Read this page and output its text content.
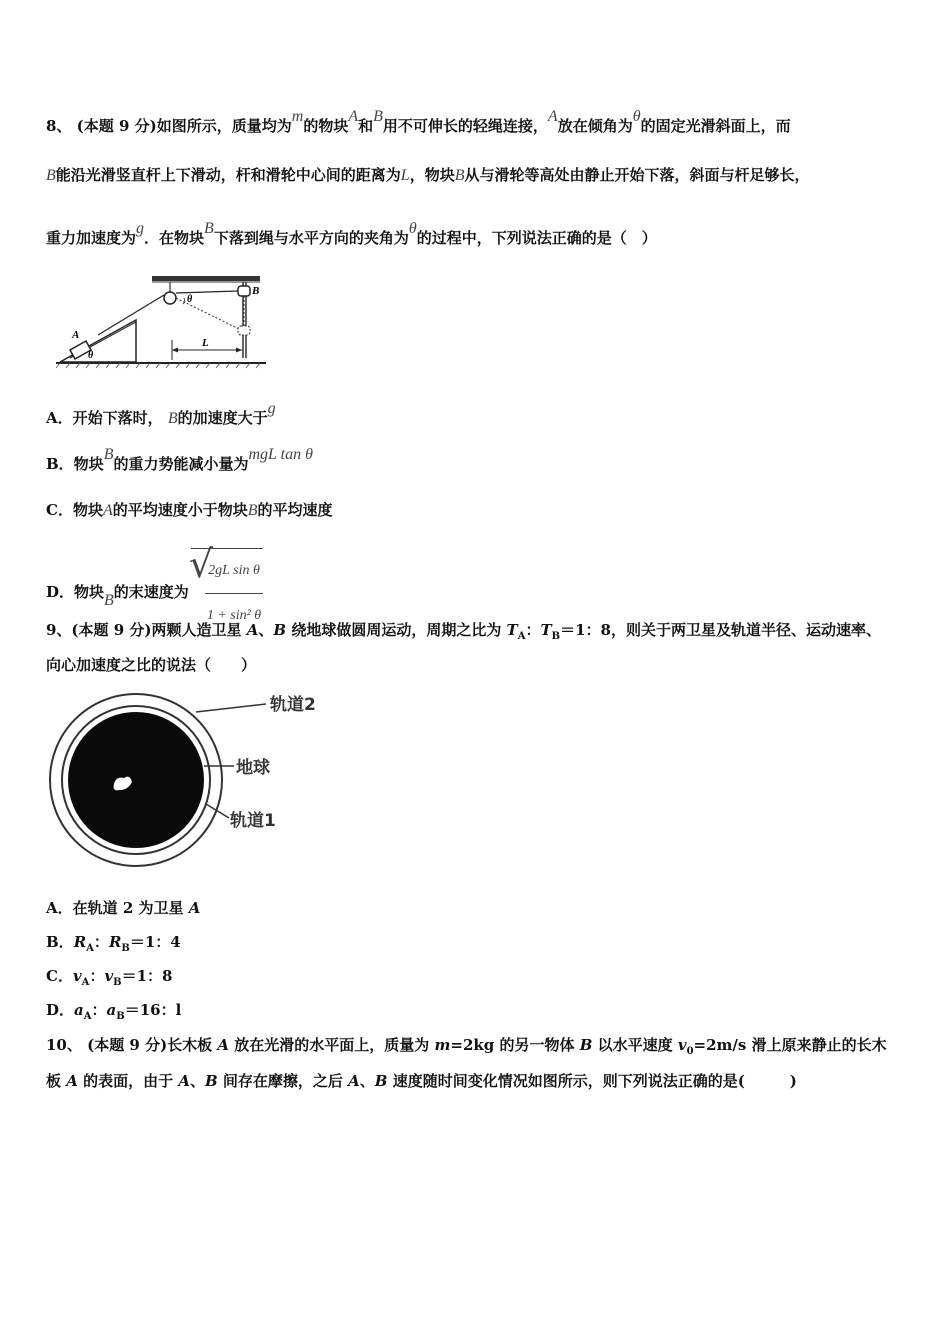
8、 (本题 9 分)如图所示，质量均为m的物块A和B用不可伸长的轻绳连接，A放在倾角为θ的固定光滑斜面上，而
B能沿光滑竖直杆上下滑动，杆和滑轮中心间的距离为L，物块B从与滑轮等高处由静止开始下落，斜面与杆足够长，
重力加速度为g．在物块B下落到绳与水平方向的夹角为θ的过程中，下列说法正确的是（　）
θ
B
A
θ
L
A．开始下落时， B的加速度大于g
B．物块B的重力势能减小量为mgL tan θ
C．物块A的平均速度小于物块B的平均速度
D．物块B的末速度为
√ $\frac{\text{2gL sin θ}}{\text{1 + sin² θ}}$
9、(本题 9 分)两颗人造卫星 A、B 绕地球做圆周运动，周期之比为 $T_A$：$T_B=1$：8，则关于两卫星及轨道半径、运动速率、
向心加速度之比的说法（　　）
轨道2
地球
轨道1
A．在轨道 2 为卫星 A
B．$R_A$：$R_B=1$：4
C．$v_A$：$v_B=1$：8
D．$a_A$：$a_B=16$：l
10、 (本题 9 分)长木板 A 放在光滑的水平面上，质量为 m=2kg 的另一物体 B 以水平速度 $v_0=2m/s$ 滑上原来静止的长木
板 A 的表面，由于 A、B 间存在摩擦，之后 A、B 速度随时间变化情况如图所示，则下列说法正确的是(　　　)
